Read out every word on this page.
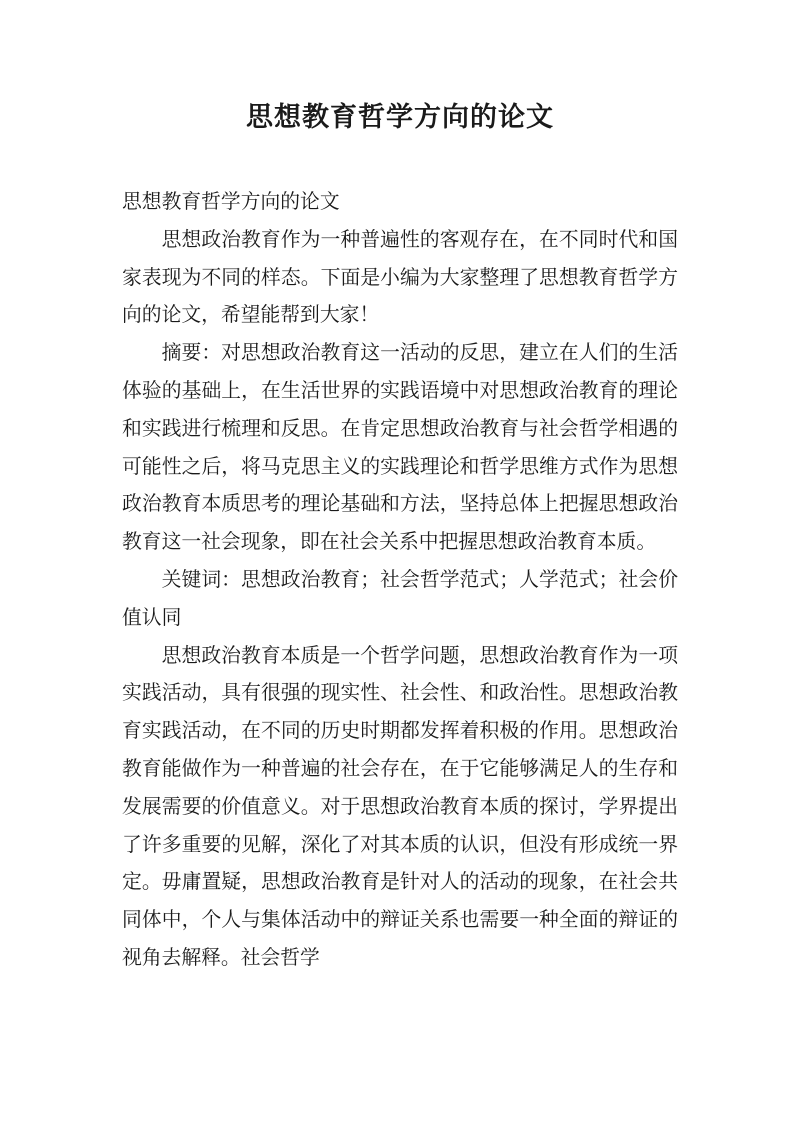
思想教育哲学方向的论文

思想教育哲学方向的论文

思想政治教育作为一种普遍性的客观存在，在不同时代和国家表现为不同的样态。下面是小编为大家整理了思想教育哲学方向的论文，希望能帮到大家！

摘要：对思想政治教育这一活动的反思，建立在人们的生活体验的基础上，在生活世界的实践语境中对思想政治教育的理论和实践进行梳理和反思。在肯定思想政治教育与社会哲学相遇的可能性之后，将马克思主义的实践理论和哲学思维方式作为思想政治教育本质思考的理论基础和方法，坚持总体上把握思想政治教育这一社会现象，即在社会关系中把握思想政治教育本质。

关键词：思想政治教育；社会哲学范式；人学范式；社会价值认同

思想政治教育本质是一个哲学问题，思想政治教育作为一项实践活动，具有很强的现实性、社会性、和政治性。思想政治教育实践活动，在不同的历史时期都发挥着积极的作用。思想政治教育能做作为一种普遍的社会存在，在于它能够满足人的生存和发展需要的价值意义。对于思想政治教育本质的探讨，学界提出了许多重要的见解，深化了对其本质的认识，但没有形成统一界定。毋庸置疑，思想政治教育是针对人的活动的现象，在社会共同体中，个人与集体活动中的辩证关系也需要一种全面的辩证的视角去解释。社会哲学
